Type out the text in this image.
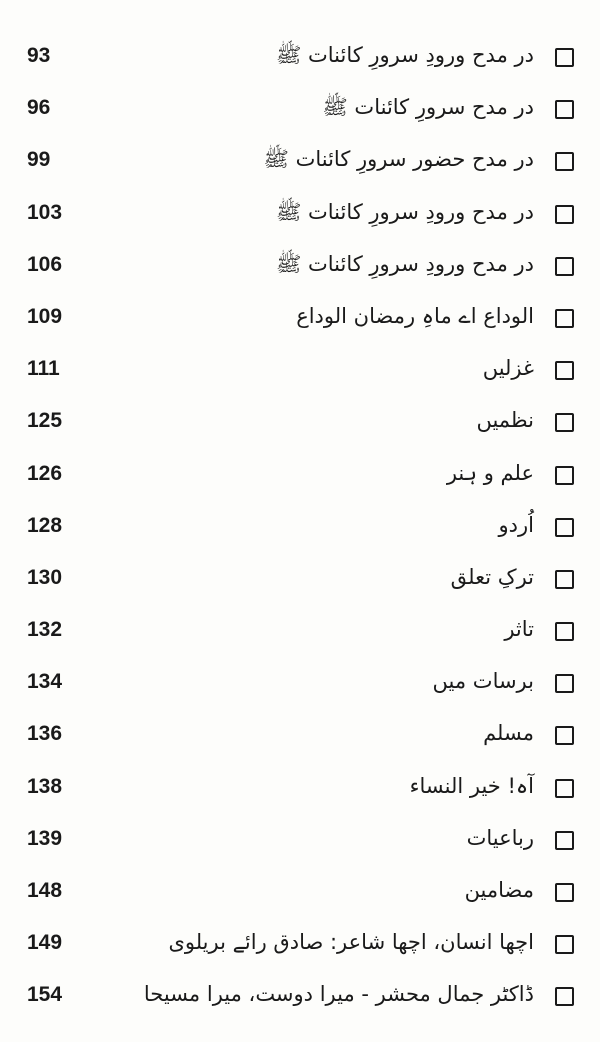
93	در مدح ورودِ سرورِ کائنات ﷺ
96	در مدح سرورِ کائنات ﷺ
99	در مدح حضور سرورِ کائنات ﷺ
103	در مدح ورودِ سرورِ کائنات ﷺ
106	در مدح ورودِ سرورِ کائنات ﷺ
109	الوداع اے ماہِ رمضان الوداع
111	غزلیں
125	نظمیں
126	علم و ہنر
128	اُردو
130	ترکِ تعلق
132	تاثر
134	برسات میں
136	مسلم
138	آہ! خیر النساء
139	رباعیات
148	مضامین
149	اچھا انسان، اچھا شاعر: صادق رائے بریلوی
154	ڈاکٹر جمال محشر - میرا دوست، میرا مسیحا
